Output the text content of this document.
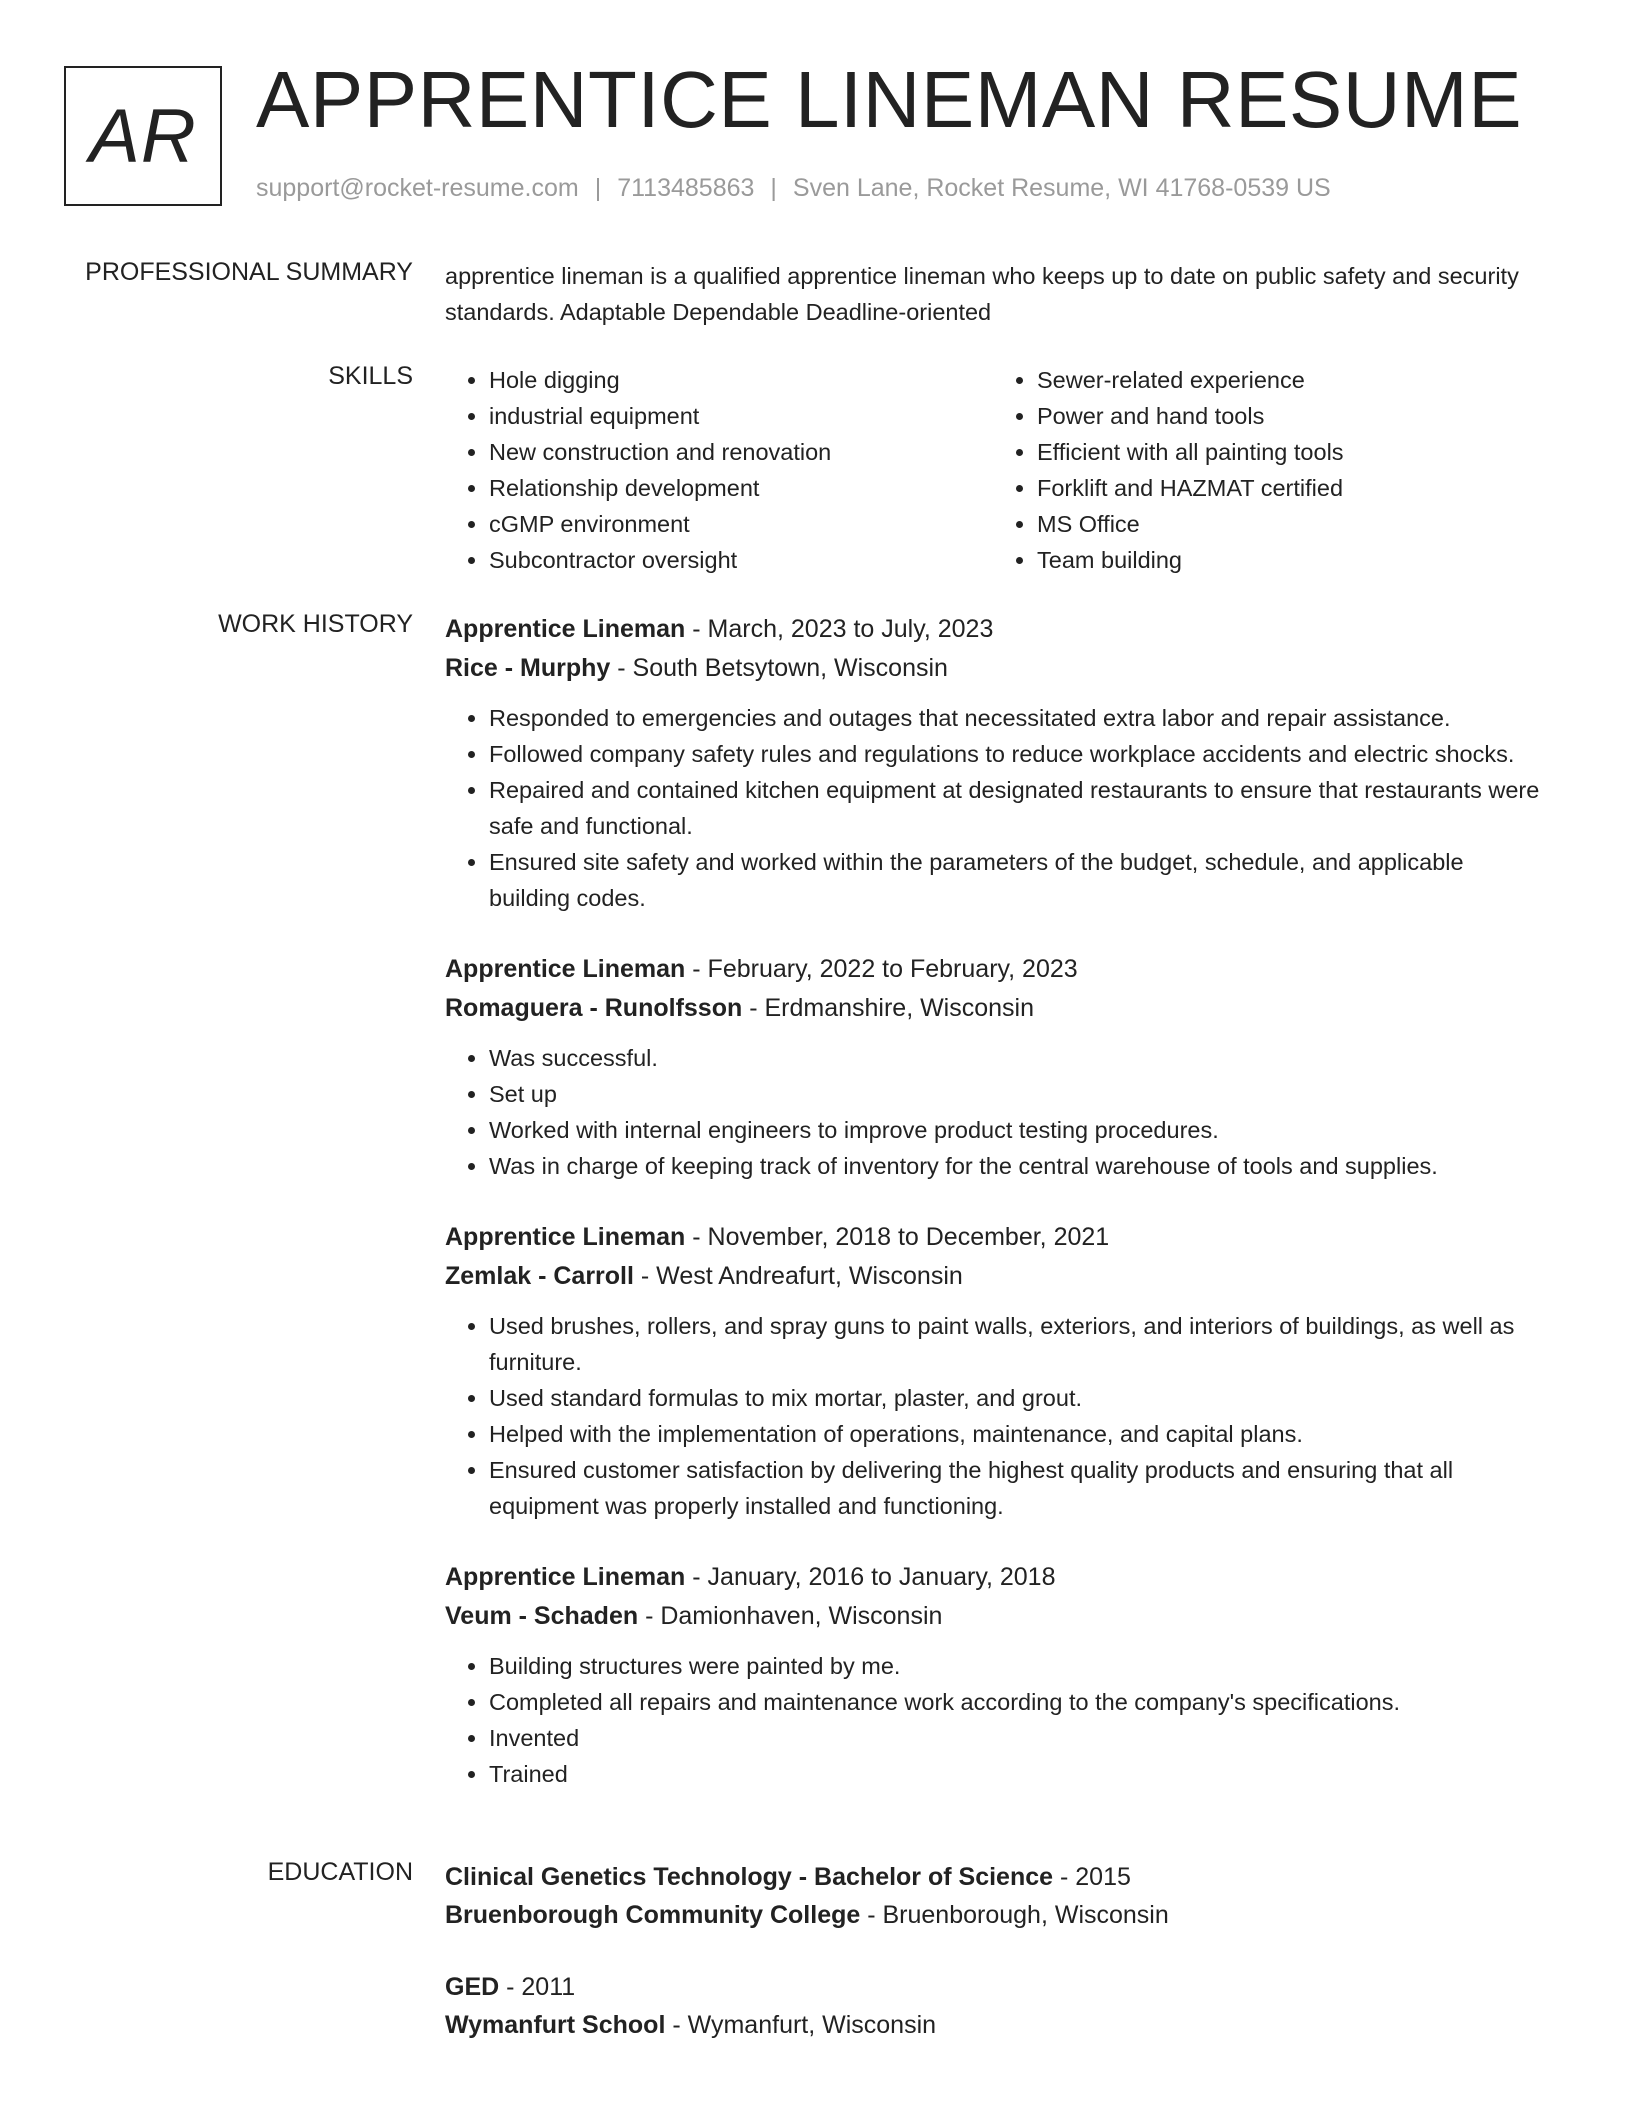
AR APPRENTICE LINEMAN RESUME
support@rocket-resume.com | 7113485863 | Sven Lane, Rocket Resume, WI 41768-0539 US
PROFESSIONAL SUMMARY apprentice lineman is a qualified apprentice lineman who keeps up to date on public safety and security standards. Adaptable Dependable Deadline-oriented

SKILLS
•	Hole digging
• industrial equipment
• New construction and renovation
• Relationship development
• cGMP environment
• Subcontractor oversight
• Sewer-related experience
• Power and hand tools
• Efficient with all painting tools
• Forklift and HAZMAT certified
• MS Office
• Team building
WORK HISTORY Apprentice Lineman - March, 2023 to July, 2023
Rice - Murphy - South Betsytown, Wisconsin
• Responded to emergencies and outages that necessitated extra labor and repair assistance.
• Followed company safety rules and regulations to reduce workplace accidents and electric shocks.
• Repaired and contained kitchen equipment at designated restaurants to ensure that restaurants were safe and functional.
• Ensured site safety and worked within the parameters of the budget, schedule, and applicable building codes.
Apprentice Lineman - February, 2022 to February, 2023
Romaguera - Runolfsson - Erdmanshire, Wisconsin
• Was successful.
• Set up
• Worked with internal engineers to improve product testing procedures.
• Was in charge of keeping track of inventory for the central warehouse of tools and supplies.
Apprentice Lineman - November, 2018 to December, 2021
Zemlak - Carroll - West Andreafurt, Wisconsin
• Used brushes, rollers, and spray guns to paint walls, exteriors, and interiors of buildings, as well as furniture.
• Used standard formulas to mix mortar, plaster, and grout.
• Helped with the implementation of operations, maintenance, and capital plans.
• Ensured customer satisfaction by delivering the highest quality products and ensuring that all equipment was properly installed and functioning.
Apprentice Lineman - January, 2016 to January, 2018
Veum - Schaden - Damionhaven, Wisconsin
• Building structures were painted by me.
• Completed all repairs and maintenance work according to the company's specifications.
• Invented
• Trained
EDUCATION Clinical Genetics Technology - Bachelor of Science - 2015
Bruenborough Community College - Bruenborough, Wisconsin
GED - 2011
Wymanfurt School - Wymanfurt, Wisconsin
